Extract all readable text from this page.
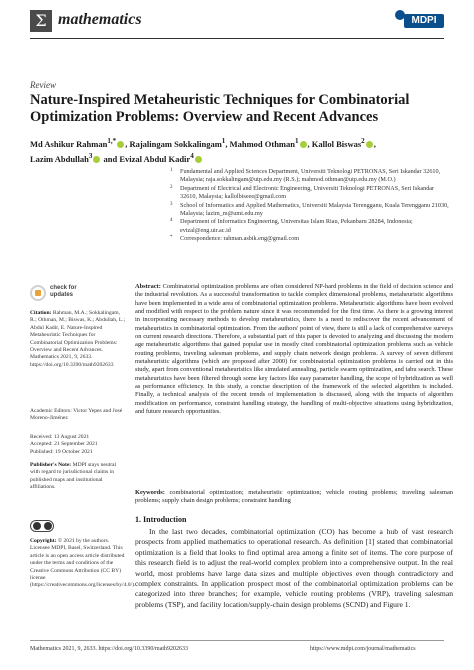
Σ mathematics	MDPI
Review
Nature-Inspired Metaheuristic Techniques for Combinatorial Optimization Problems: Overview and Recent Advances
Md Ashikur Rahman$^{1,*}$ , Rajalingam Sokkalingam$^1$, Mahmod Othman$^1$ , Kallol Biswas$^2$ ,
Lazim Abdullah$^3$ and Evizal Abdul Kadir$^4$
1 Fundamental and Applied Sciences Department, Universiti Teknologi PETRONAS, Seri Iskandar 32610, Malaysia; raja.sokkalingam@utp.edu.my (R.S.); mahmod.othman@utp.edu.my (M.O.)
2 Department of Electrical and Electronic Engineering, Universiti Teknologi PETRONAS, Seri Iskandar 32610, Malaysia; kallolbiseee@gmail.com
3 School of Informatics and Applied Mathematics, Universiti Malaysia Terengganu, Kuala Terengganu 21030, Malaysia; lazim_m@umt.edu.my
4 Department of Informatics Engineering, Universitas Islam Riau, Pekanbaru 28284, Indonesia; evizal@eng.uir.ac.id
* Correspondence: rahman.asbik.eng@gmail.com
check for updates
Citation: Rahman, M.A.; Sokkalingam, R.; Othman, M.; Biswas, K.; Abdullah, L.; Abdul Kadir, E. Nature-Inspired Metaheuristic Techniques for Combinatorial Optimization Problems: Overview and Recent Advances. Mathematics 2021, 9, 2633. https://doi.org/10.3390/math9202633
Academic Editors: Victor Yepes and José Moreno-Jiménez
Received: 13 August 2021
Accepted: 21 September 2021
Published: 19 October 2021
Publisher's Note: MDPI stays neutral with regard to jurisdictional claims in published maps and institutional affiliations.
Copyright: © 2021 by the authors. Licensee MDPI, Basel, Switzerland. This article is an open access article distributed under the terms and conditions of the Creative Commons Attribution (CC BY) license (https://creativecommons.org/licenses/by/4.0/).
Abstract: Combinatorial optimization problems are often considered NP-hard problems in the field of decision science and the industrial revolution. As a successful transformation to tackle complex dimensional problems, metaheuristic algorithms have been implemented in a wide area of combinatorial optimization problems. Metaheuristic algorithms have been evolved and modified with respect to the problem nature since it was recommended for the first time. As there is a growing interest in incorporating necessary methods to develop metaheuristics, there is a need to rediscover the recent advancement of metaheuristics in combinatorial optimization. From the authors' point of view, there is still a lack of comprehensive surveys on current research directions. Therefore, a substantial part of this paper is devoted to analyzing and discussing the modern age metaheuristic algorithms that gained popular use in mostly cited combinatorial optimization problems such as vehicle routing problems, traveling salesman problems, and supply chain network design problems. A survey of seven different metaheuristic algorithms (which are proposed after 2000) for combinatorial optimization problems is carried out in this study, apart from conventional metaheuristics like simulated annealing, particle swarm optimization, and tabu search. These metaheuristics have been filtered through some key factors like easy parameter handling, the scope of hybridization as well as performance efficiency. In this study, a concise description of the framework of the selected algorithm is included. Finally, a technical analysis of the recent trends of implementation is discussed, along with the impacts of algorithm modification on performance, constraint handling strategy, the handling of multi-objective situations using hybridization, and future research opportunities.
Keywords: combinatorial optimization; metaheuristic optimization; vehicle routing problems; traveling salesman problems; supply chain design problems; constraint handling
1. Introduction
In the last two decades, combinatorial optimization (CO) has become a hub of vast research prospects from applied mathematics to operational research. As definition [1] stated that combinatorial optimization is a field that looks to find optimal area among a finite set of items. The core purpose of this research field is to adjust the real-world complex problem into a comprehensive output. In the real world, most problems have large data sizes and multiple objectives even though contradictory and complex constraints. In application prospect most of the combinatorial optimization problems can be categorized into three branches; for example, vehicle routing problems (VRP), traveling salesman problems (TSP), and facility location/supply-chain design problems (SCND) and Figure 1.
Mathematics 2021, 9, 2633. https://doi.org/10.3390/math9202633	https://www.mdpi.com/journal/mathematics
